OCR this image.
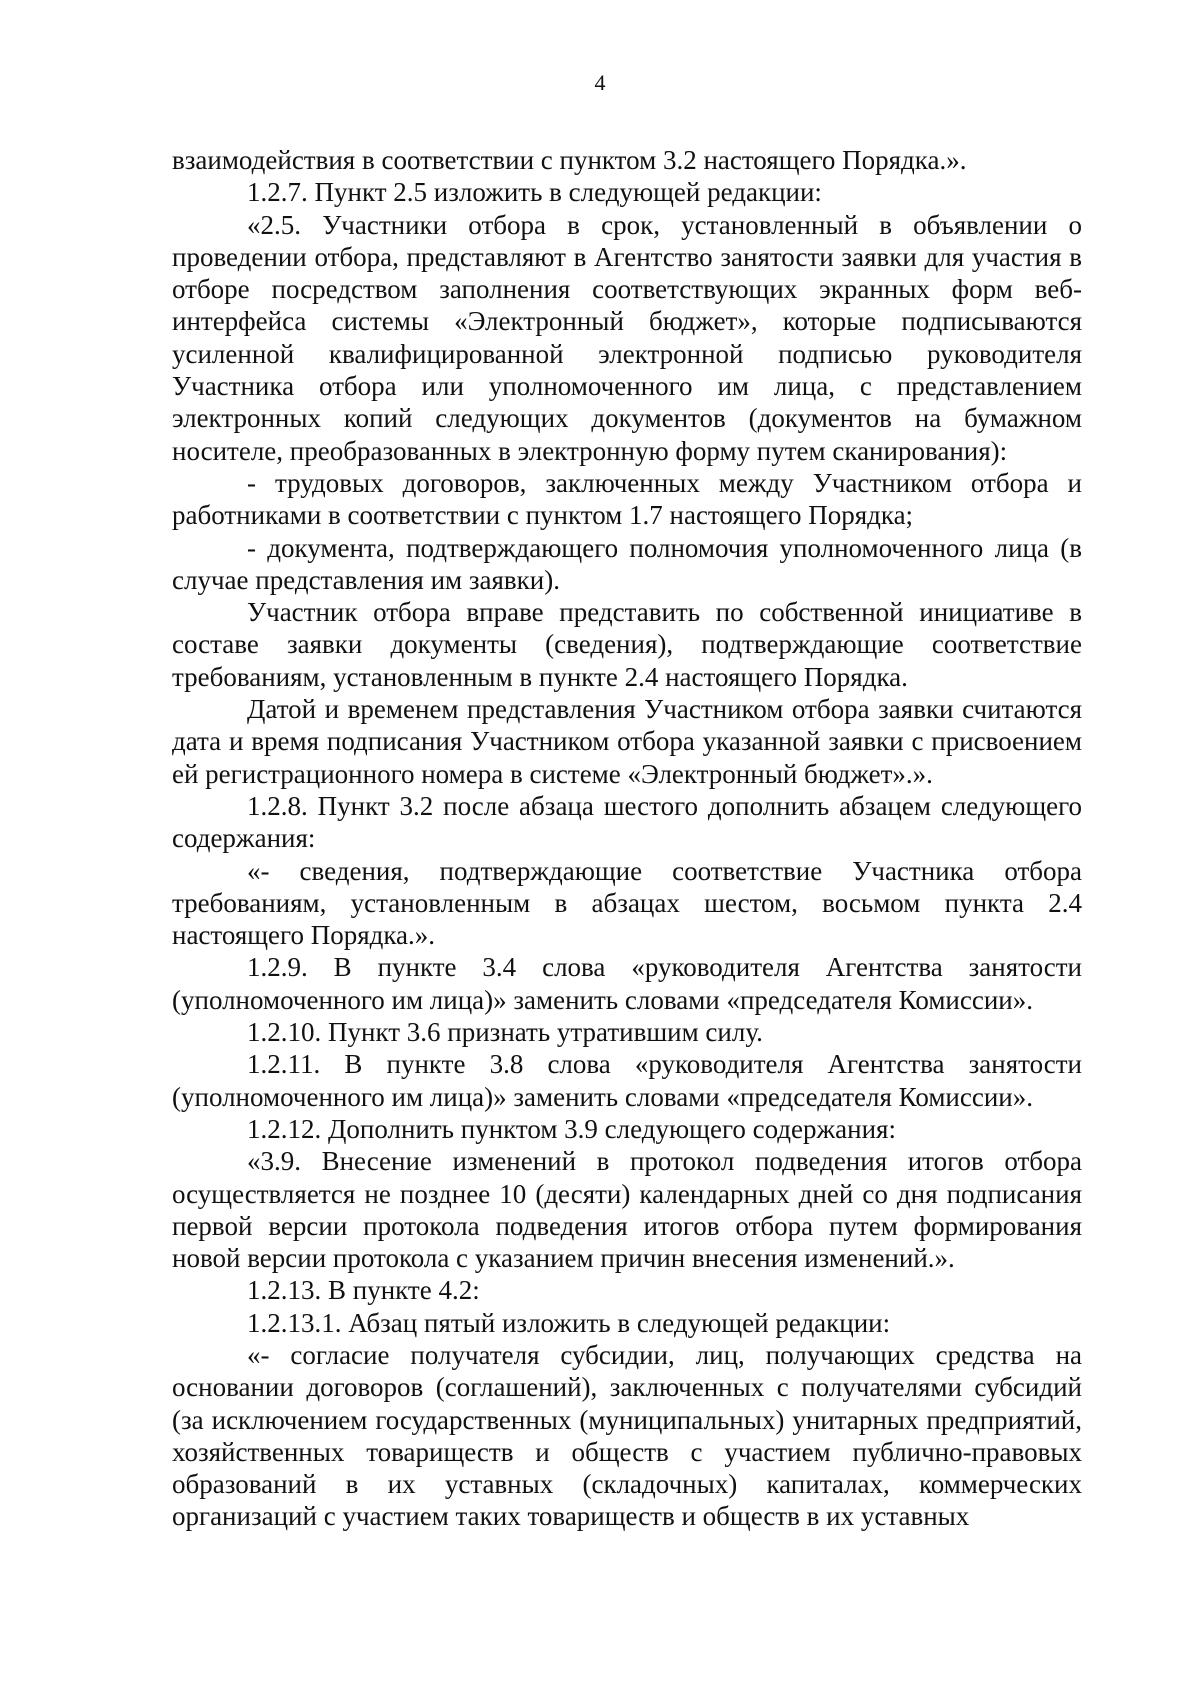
4

взаимодействия в соответствии с пунктом 3.2 настоящего Порядка.».

1.2.7. Пункт 2.5 изложить в следующей редакции:

«2.5. Участники отбора в срок, установленный в объявлении о проведении отбора, представляют в Агентство занятости заявки для участия в отборе посредством заполнения соответствующих экранных форм веб-интерфейса системы «Электронный бюджет», которые подписываются усиленной квалифицированной электронной подписью руководителя Участника отбора или уполномоченного им лица, с представлением электронных копий следующих документов (документов на бумажном носителе, преобразованных в электронную форму путем сканирования):

- трудовых договоров, заключенных между Участником отбора и работниками в соответствии с пунктом 1.7 настоящего Порядка;

- документа, подтверждающего полномочия уполномоченного лица (в случае представления им заявки).

Участник отбора вправе представить по собственной инициативе в составе заявки документы (сведения), подтверждающие соответствие требованиям, установленным в пункте 2.4 настоящего Порядка.

Датой и временем представления Участником отбора заявки считаются дата и время подписания Участником отбора указанной заявки с присвоением ей регистрационного номера в системе «Электронный бюджет».».

1.2.8. Пункт 3.2 после абзаца шестого дополнить абзацем следующего содержания:

«- сведения, подтверждающие соответствие Участника отбора требованиям, установленным в абзацах шестом, восьмом пункта 2.4 настоящего Порядка.».

1.2.9. В пункте 3.4 слова «руководителя Агентства занятости (уполномоченного им лица)» заменить словами «председателя Комиссии».

1.2.10. Пункт 3.6 признать утратившим силу.

1.2.11. В пункте 3.8 слова «руководителя Агентства занятости (уполномоченного им лица)» заменить словами «председателя Комиссии».

1.2.12. Дополнить пунктом 3.9 следующего содержания:

«3.9. Внесение изменений в протокол подведения итогов отбора осуществляется не позднее 10 (десяти) календарных дней со дня подписания первой версии протокола подведения итогов отбора путем формирования новой версии протокола с указанием причин внесения изменений.».

1.2.13. В пункте 4.2:

1.2.13.1. Абзац пятый изложить в следующей редакции:

«- согласие получателя субсидии, лиц, получающих средства на основании договоров (соглашений), заключенных с получателями субсидий (за исключением государственных (муниципальных) унитарных предприятий, хозяйственных товариществ и обществ с участием публично-правовых образований в их уставных (складочных) капиталах, коммерческих организаций с участием таких товариществ и обществ в их уставных
